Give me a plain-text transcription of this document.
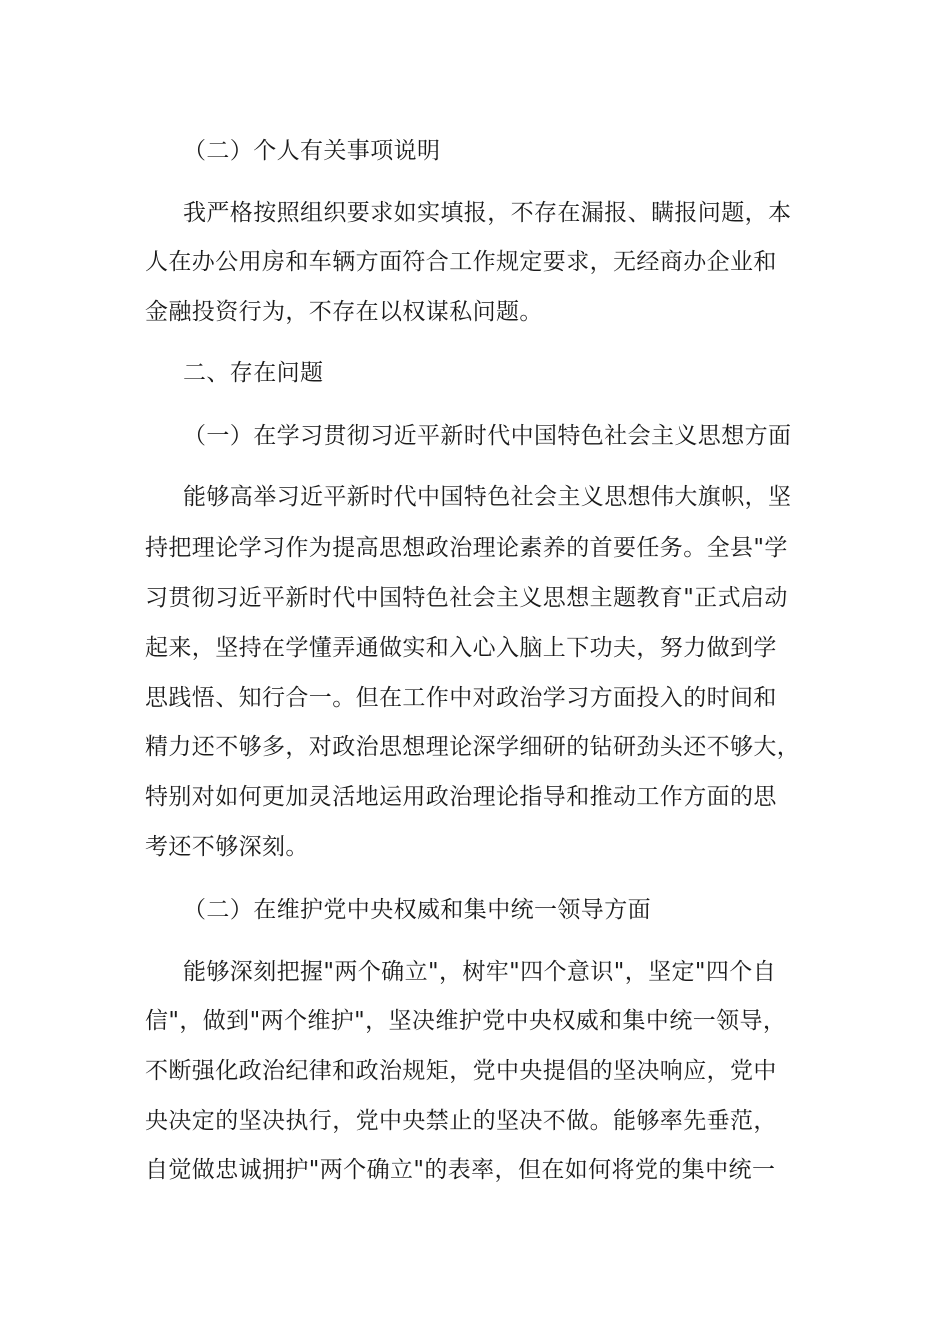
（二）个人有关事项说明
我严格按照组织要求如实填报，不存在漏报、瞒报问题，本
人在办公用房和车辆方面符合工作规定要求，无经商办企业和
金融投资行为，不存在以权谋私问题。
二、存在问题
（一）在学习贯彻习近平新时代中国特色社会主义思想方面
能够高举习近平新时代中国特色社会主义思想伟大旗帜，坚
持把理论学习作为提高思想政治理论素养的首要任务。全县"学
习贯彻习近平新时代中国特色社会主义思想主题教育"正式启动
起来，坚持在学懂弄通做实和入心入脑上下功夫，努力做到学
思践悟、知行合一。但在工作中对政治学习方面投入的时间和
精力还不够多，对政治思想理论深学细研的钻研劲头还不够大，
特别对如何更加灵活地运用政治理论指导和推动工作方面的思
考还不够深刻。
（二）在维护党中央权威和集中统一领导方面
能够深刻把握"两个确立"，树牢"四个意识"，坚定"四个自
信"，做到"两个维护"，坚决维护党中央权威和集中统一领导，
不断强化政治纪律和政治规矩，党中央提倡的坚决响应，党中
央决定的坚决执行，党中央禁止的坚决不做。能够率先垂范，
自觉做忠诚拥护"两个确立"的表率，但在如何将党的集中统一
